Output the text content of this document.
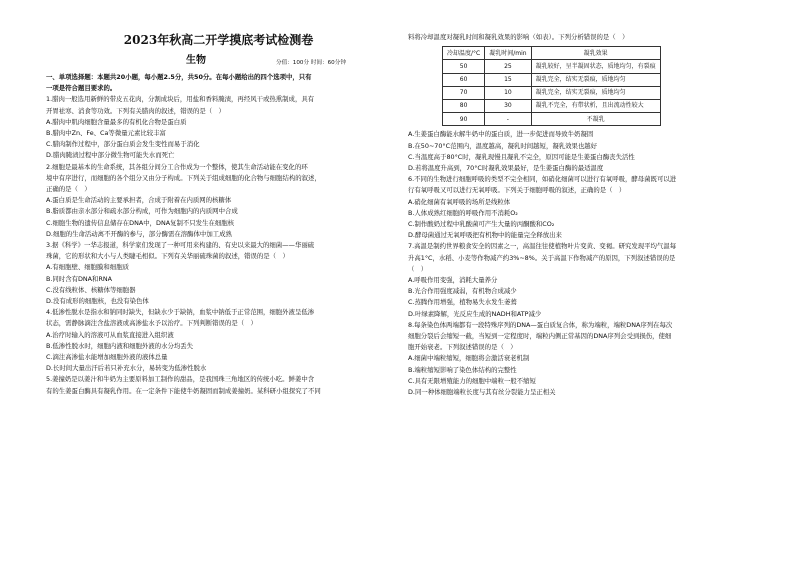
2023年秋高二开学摸底考试检测卷
生物	分值：100分 时间：60分钟

一、单项选择题：本题共20小题，每小题2.5分，共50分。在每小题给出的四个选项中，只有

一项是符合题目要求的。

1.腊肉一般选用新鲜的带皮五花肉，分割成块后，用盐和香料腌渍，再经风干或热熏制成，具有

开胃祛寒、消食等功效。下列有关腊肉的叙述，错误的是（　）

A.腊肉中肌肉细胞含量最多的有机化合物是蛋白质

B.腊肉中Zn、Fe、Ca等微量元素比较丰富

C.腊肉制作过程中，部分蛋白质会发生变性而易于消化

D.腊肉腌渍过程中部分微生物可能失水而死亡

2.细胞是最基本的生命系统，其各组分间分工合作成为一个整体，使其生命活动能在变化的环

境中有序进行，而细胞的各个组分又由分子构成。下列关于组成细胞的化合物与细胞结构的叙述，

正确的是（　）

A.蛋白质是生命活动的主要承担者，合成于附着在内质网的核糖体

B.脂质都由亲水部分和疏水部分构成，可作为细胞内的内质网中合成

C.细胞生物的遗传信息储存在DNA中，DNA复制不只发生在细胞核

D.细胞的生命活动离不开酶的参与，部分酶需在溶酶体中加工成熟

3.据《科学》一华志报道，科学家们发现了一种可用来构建的、有史以来最大的细菌——华丽硫

珠菌，它的形状和大小与人类睫毛相似。下列有关华丽硫珠菌的叙述，错误的是（　）

A.有细胞壁、细胞膜和细胞质

B.同时含有DNA和RNA

C.没有线粒体、核糖体等细胞器

D.没有成形的细胞核，也没有染色体

4.低渗性脱水是指水和钠同时缺失，但缺水少于缺钠，血浆中钠低于正常范围，细胞外液呈低渗

状态，需静脉滴注含盐溶液或高渗盐水予以治疗。下列判断错误的是（　）

A.治疗时输入的溶液可从血浆直接进入组织液

B.低渗性脱水时，细胞内液和细胞外液的水分均丢失

C.滴注高渗盐水能增加细胞外液的液体总量

D.长时间大量出汗后若只补充水分，易转变为低渗性脱水

5.姜撞奶是以姜汁和牛奶为主要原料加工制作的甜品，是我国珠三角地区的传统小吃。鲜姜中含

有的生姜蛋白酶具有凝乳作用。在一定条件下能使牛奶凝固而制成姜撞奶。某科研小组探究了不同

料将冷却温度对凝乳时间和凝乳效果的影响（如表）。下列分析错误的是（　）

冷却温度/°C	凝乳时间/min	凝乳效果
50	25	凝乳较好，呈半凝固状态，质地均匀，有裂痕
60	15	凝乳完全，结实无裂痕，质地均匀
70	10	凝乳完全，结实无裂痕，质地均匀
80	30	凝乳不完全，有带状析，且出流动性较大
90	-	不凝乳

A.生姜蛋白酶能水解牛奶中的蛋白质，进一步促进而导致牛奶凝固

B.在50~70°C范围内，温度越高，凝乳时间越短，凝乳效果也越好

C.当温度高于80°C时，凝乳现慢且凝乳不完全，原因可能是生姜蛋白酶丧失活性

D.若将温度升高到，70°C时凝乳效果最好，是生姜蛋白酶的最适温度

6.不同的生物进行细胞呼吸的类型不完全相同，如硝化细菌可以进行有氧呼吸，酵母菌既可以进

行有氧呼吸又可以进行无氧呼吸。下列关于细胞呼吸的叙述，正确的是（　）

A.硝化细菌有氧呼吸的场所是线粒体

B.人体成熟红细胞的呼吸作用不消耗O₂

C.制作酸奶过程中乳酸菌可产生大量的丙酮酸和CO₂

D.酵母菌通过无氧呼吸把有机物中的能量完全释放出来

7.高温是制约世界粮食安全的因素之一，高温往往使植物叶片变黄、变褐。研究发现平均气温每

升高1°C，水稻、小麦等作物减产约3%~8%。关于高温下作物减产的原因，下列叙述错误的是

（　）

A.呼吸作用变强，消耗大量养分

B.光合作用强度减弱，有机物合成减少

C.蒸腾作用增强，植物易失水发生萎蔫

D.叶绿素降解，光反应生成的NADH和ATP减少

8.每条染色体两端都有一段特殊序列的DNA—蛋白质复合体，称为端粒，端粒DNA序列在每次

细胞分裂后会缩短一截，当短到一定程度时，端粒内侧正常基因的DNA序列会受到损伤，使细

胞开始衰老。下列叙述错误的是（　）

A.细菌中端粒缩短，细胞将会激活衰老机制

B.端粒缩短影响了染色体结构的完整性

C.具有无限增殖能力的细胞中端粒一般不缩短

D.同一种体细胞端粒长度与其有丝分裂能力呈正相关
